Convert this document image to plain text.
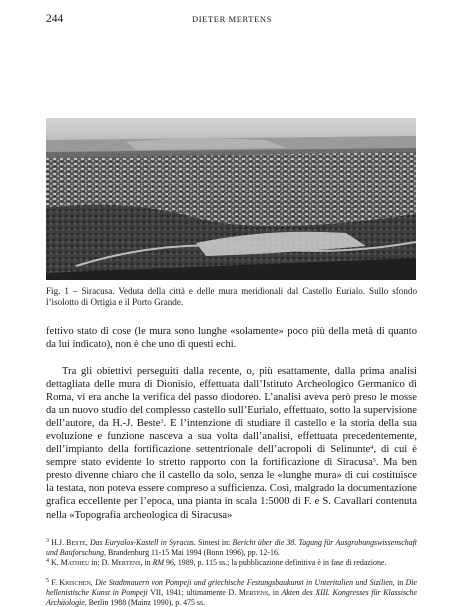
244	DIETER MERTENS
Fig. 1 – Siracusa. Veduta della città e delle mura meridionali dal Castello Eurialo. Sullo sfondo l’isolotto di Ortigia e il Porto Grande.

fettivo stato di cose (le mura sono lunghe «solamente» poco più della metà di quanto da lui indicato), non è che uno di questi echi.

Tra gli obiettivi perseguiti dalla recente, o, più esattamente, dalla prima analisi dettagliata delle mura di Dionisio, effettuata dall’Istituto Archeologico Germanico di Roma, vi era anche la verifica del passo diodoreo. L’analisi aveva però preso le mosse da un nuovo studio del complesso castello sull’Eurialo, effettuato, sotto la supervisione dell’autore, da H.-J. Beste$^3$. E l’intenzione di studiare il castello e la storia della sua evoluzione e funzione nasceva a sua volta dall’analisi, effettuata precedentemente, dell’impianto della fortificazione settentrionale dell’acropoli di Selinunte$^4$, di cui è sempre stato evidente lo stretto rapporto con la fortificazione di Siracusa$^5$. Ma ben presto divenne chiaro che il castello da solo, senza le «lunghe mura» di cui costituisce la testata, non poteva essere compreso a sufficienza. Così, malgrado la documentazione grafica eccellente per l’epoca, una pianta in scala 1:5000 di F. e S. Cavallari contenuta nella «Topografia archeologica di Siracusa»

$^3$ H.J. Beste, Das Euryalos-Kastell in Syracus. Sintesi in: Bericht über die 38. Tagung für Ausgrabungswissenschaft und Bauforschung, Brandenburg 11-15 Mai 1994 (Bonn 1996), pp. 12-16.
$^4$ K. Mathieu in: D. Mertens, in RM 96, 1989, p. 115 ss.; la pubblicazione definitiva è in fase di redazione.
$^5$ F. Krischen, Die Stadtmauern von Pompeji und griechische Festungsbaukunst in Unteritalien und Sizilien, in Die hellenistische Kunst in Pompeji VII, 1941; ultimamente D. Mertens, in Akten des XIII. Kongresses für Klassische Archäologie, Berlin 1988 (Mainz 1990), p. 475 ss.
